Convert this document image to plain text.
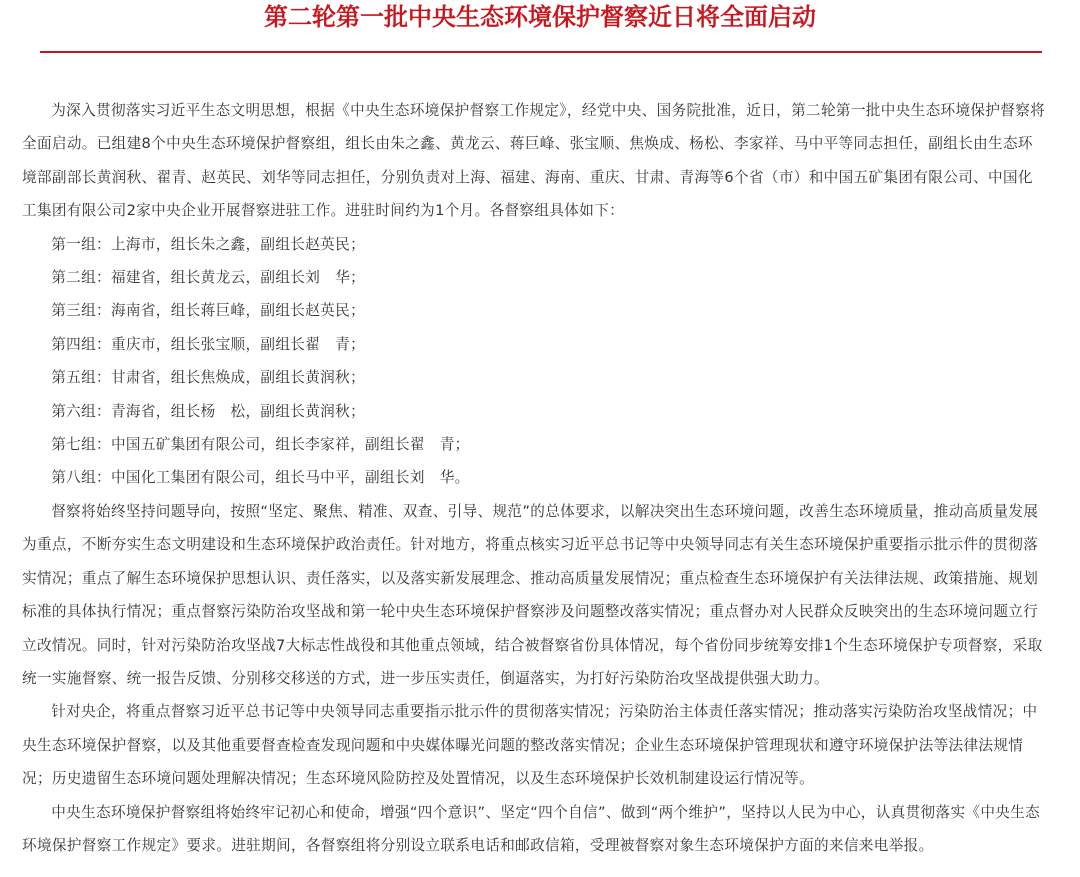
第二轮第一批中央生态环境保护督察近日将全面启动

为深入贯彻落实习近平生态文明思想，根据《中央生态环境保护督察工作规定》，经党中央、国务院批准，近日，第二轮第一批中央生态环境保护督察将全面启动。已组建8个中央生态环境保护督察组，组长由朱之鑫、黄龙云、蒋巨峰、张宝顺、焦焕成、杨松、李家祥、马中平等同志担任，副组长由生态环境部副部长黄润秋、翟青、赵英民、刘华等同志担任，分别负责对上海、福建、海南、重庆、甘肃、青海等6个省（市）和中国五矿集团有限公司、中国化工集团有限公司2家中央企业开展督察进驻工作。进驻时间约为1个月。各督察组具体如下：

第一组：上海市，组长朱之鑫，副组长赵英民；

第二组：福建省，组长黄龙云，副组长刘　华；

第三组：海南省，组长蒋巨峰，副组长赵英民；

第四组：重庆市，组长张宝顺，副组长翟　青；

第五组：甘肃省，组长焦焕成，副组长黄润秋；

第六组：青海省，组长杨　松，副组长黄润秋；

第七组：中国五矿集团有限公司，组长李家祥，副组长翟　青；

第八组：中国化工集团有限公司，组长马中平，副组长刘　华。

督察将始终坚持问题导向，按照“坚定、聚焦、精准、双查、引导、规范”的总体要求，以解决突出生态环境问题，改善生态环境质量，推动高质量发展为重点，不断夯实生态文明建设和生态环境保护政治责任。针对地方，将重点核实习近平总书记等中央领导同志有关生态环境保护重要指示批示件的贯彻落实情况；重点了解生态环境保护思想认识、责任落实，以及落实新发展理念、推动高质量发展情况；重点检查生态环境保护有关法律法规、政策措施、规划标准的具体执行情况；重点督察污染防治攻坚战和第一轮中央生态环境保护督察涉及问题整改落实情况；重点督办对人民群众反映突出的生态环境问题立行立改情况。同时，针对污染防治攻坚战7大标志性战役和其他重点领域，结合被督察省份具体情况，每个省份同步统筹安排1个生态环境保护专项督察，采取统一实施督察、统一报告反馈、分别移交移送的方式，进一步压实责任，倒逼落实，为打好污染防治攻坚战提供强大助力。

针对央企，将重点督察习近平总书记等中央领导同志重要指示批示件的贯彻落实情况；污染防治主体责任落实情况；推动落实污染防治攻坚战情况；中央生态环境保护督察，以及其他重要督查检查发现问题和中央媒体曝光问题的整改落实情况；企业生态环境保护管理现状和遵守环境保护法等法律法规情况；历史遗留生态环境问题处理解决情况；生态环境风险防控及处置情况，以及生态环境保护长效机制建设运行情况等。

中央生态环境保护督察组将始终牢记初心和使命，增强“四个意识”、坚定“四个自信”、做到“两个维护”，坚持以人民为中心，认真贯彻落实《中央生态环境保护督察工作规定》要求。进驻期间，各督察组将分别设立联系电话和邮政信箱，受理被督察对象生态环境保护方面的来信来电举报。
